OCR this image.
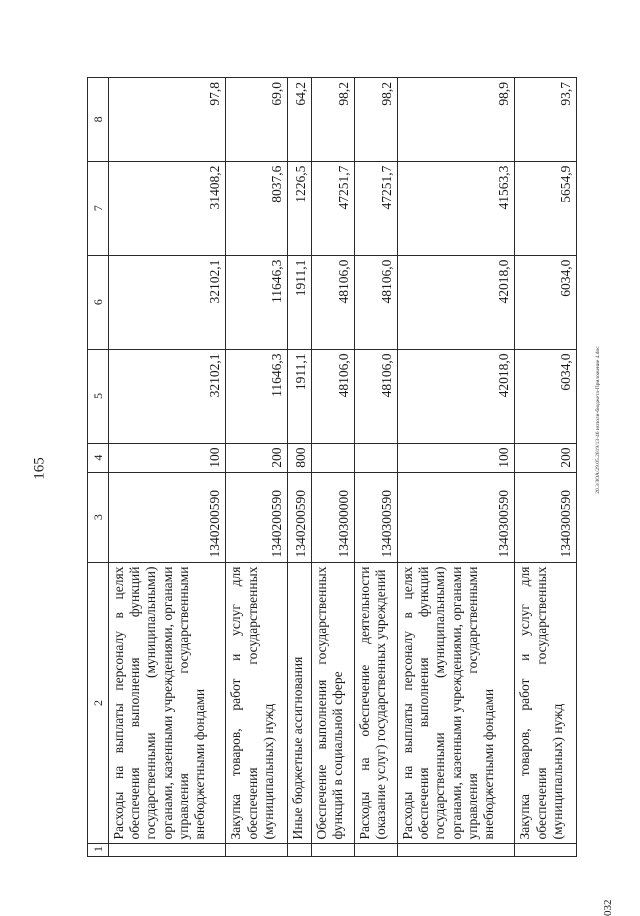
165
1	2	3	4	5	6	7	8
	Расходы на выплаты персоналу в целях обеспечения выполнения функций государственными (муниципальными) органами, казенными учреждениями, органами управления государственными внебюджетными фондами	1340200590	100	32102,1	32102,1	31408,2	97,8
	Закупка товаров, работ и услуг для обеспечения государственных (муниципальных) нужд	1340200590	200	11646,3	11646,3	8037,6	69,0
	Иные бюджетные ассигнования	1340200590	800	1911,1	1911,1	1226,5	64,2
	Обеспечение выполнения государственных функций в социальной сфере	1340300000		48106,0	48106,0	47251,7	98,2
	Расходы на обеспечение деятельности (оказание услуг) государственных учреждений	1340300590		48106,0	48106,0	47251,7	98,2
	Расходы на выплаты персоналу в целях обеспечения выполнения функций государственными (муниципальными) органами, казенными учреждениями, органами управления государственными внебюджетными фондами	1340300590	100	42018,0	42018,0	41563,3	98,9
	Закупка товаров, работ и услуг для обеспечения государственных (муниципальных) нужд	1340300590	200	6034,0	6034,0	5654,9	93,7
20.3/ЗОА/29.05.2019/13-46 исполн-бюджета-Приложение 4.doc
032
